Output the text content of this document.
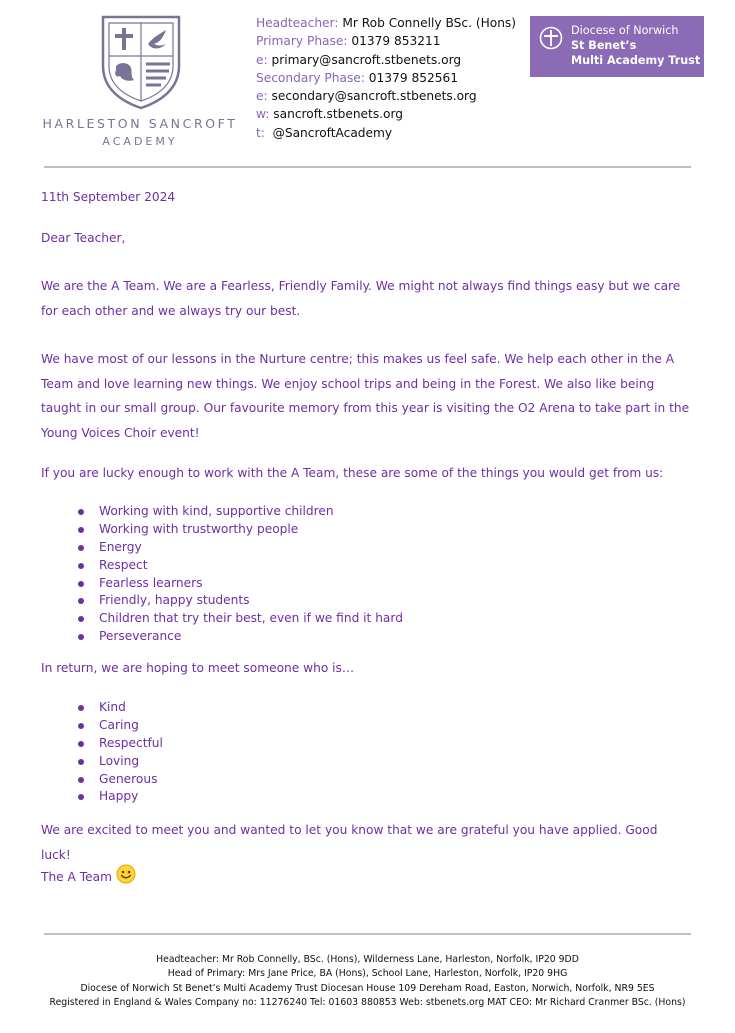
HARLESTON SANCROFT
ACADEMY
Headteacher: Mr Rob Connelly BSc. (Hons)
Primary Phase: 01379 853211
e: primary@sancroft.stbenets.org
Secondary Phase: 01379 852561
e: secondary@sancroft.stbenets.org
w: sancroft.stbenets.org
t: @SancroftAcademy
Diocese of Norwich
St Benet’s
Multi Academy Trust
11th September 2024
Dear Teacher,
We are the A Team. We are a Fearless, Friendly Family. We might not always find things easy but we care for each other and we always try our best.
We have most of our lessons in the Nurture centre; this makes us feel safe. We help each other in the A Team and love learning new things. We enjoy school trips and being in the Forest. We also like being taught in our small group. Our favourite memory from this year is visiting the O2 Arena to take part in the Young Voices Choir event!
If you are lucky enough to work with the A Team, these are some of the things you would get from us:
Working with kind, supportive children
Working with trustworthy people
Energy
Respect
Fearless learners
Friendly, happy students
Children that try their best, even if we find it hard
Perseverance
In return, we are hoping to meet someone who is…
Kind
Caring
Respectful
Loving
Generous
Happy
We are excited to meet you and wanted to let you know that we are grateful you have applied. Good luck!
The A Team
Headteacher: Mr Rob Connelly, BSc. (Hons), Wilderness Lane, Harleston, Norfolk, IP20 9DD
Head of Primary: Mrs Jane Price, BA (Hons), School Lane, Harleston, Norfolk, IP20 9HG
Diocese of Norwich St Benet’s Multi Academy Trust Diocesan House 109 Dereham Road, Easton, Norwich, Norfolk, NR9 5ES
Registered in England & Wales Company no: 11276240 Tel: 01603 880853 Web: stbenets.org MAT CEO: Mr Richard Cranmer BSc. (Hons)
